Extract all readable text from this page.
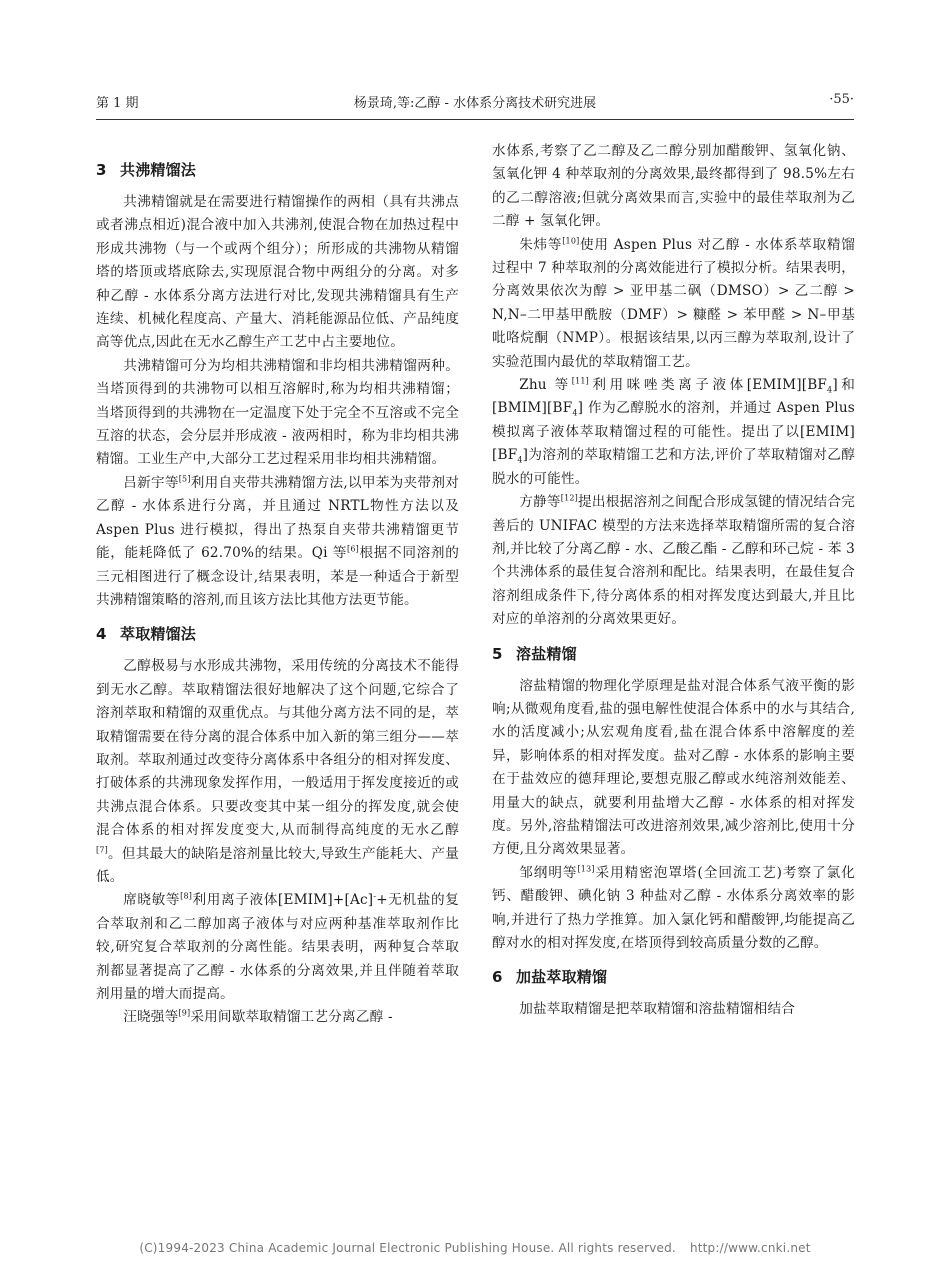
第 1 期	杨景琦,等:乙醇 - 水体系分离技术研究进展	·55·
3 共沸精馏法

共沸精馏就是在需要进行精馏操作的两相（具有共沸点或者沸点相近)混合液中加入共沸剂,使混合物在加热过程中形成共沸物（与一个或两个组分）；所形成的共沸物从精馏塔的塔顶或塔底除去,实现原混合物中两组分的分离。对多种乙醇 - 水体系分离方法进行对比,发现共沸精馏具有生产连续、机械化程度高、产量大、消耗能源品位低、产品纯度高等优点,因此在无水乙醇生产工艺中占主要地位。

共沸精馏可分为均相共沸精馏和非均相共沸精馏两种。当塔顶得到的共沸物可以相互溶解时,称为均相共沸精馏；当塔顶得到的共沸物在一定温度下处于完全不互溶或不完全互溶的状态，会分层并形成液 - 液两相时，称为非均相共沸精馏。工业生产中,大部分工艺过程采用非均相共沸精馏。

吕新宇等[5]利用自夹带共沸精馏方法,以甲苯为夹带剂对乙醇 - 水体系进行分离，并且通过 NRTL物性方法以及 Aspen Plus 进行模拟，得出了热泵自夹带共沸精馏更节能，能耗降低了 62.70%的结果。Qi 等[6]根据不同溶剂的三元相图进行了概念设计,结果表明，苯是一种适合于新型共沸精馏策略的溶剂,而且该方法比其他方法更节能。

4 萃取精馏法

乙醇极易与水形成共沸物，采用传统的分离技术不能得到无水乙醇。萃取精馏法很好地解决了这个问题,它综合了溶剂萃取和精馏的双重优点。与其他分离方法不同的是，萃取精馏需要在待分离的混合体系中加入新的第三组分——萃取剂。萃取剂通过改变待分离体系中各组分的相对挥发度、打破体系的共沸现象发挥作用，一般适用于挥发度接近的或共沸点混合体系。只要改变其中某一组分的挥发度,就会使混合体系的相对挥发度变大,从而制得高纯度的无水乙醇 [7]。但其最大的缺陷是溶剂量比较大,导致生产能耗大、产量低。

席晓敏等[8]利用离子液体[EMIM]+[Ac]-+无机盐的复合萃取剂和乙二醇加离子液体与对应两种基准萃取剂作比较,研究复合萃取剂的分离性能。结果表明，两种复合萃取剂都显著提高了乙醇 - 水体系的分离效果,并且伴随着萃取剂用量的增大而提高。

汪晓强等[9]采用间歇萃取精馏工艺分离乙醇 -

水体系,考察了乙二醇及乙二醇分别加醋酸钾、氢氧化钠、氢氧化钾 4 种萃取剂的分离效果,最终都得到了 98.5%左右的乙二醇溶液;但就分离效果而言,实验中的最佳萃取剂为乙二醇 + 氢氧化钾。

朱炜等[10]使用 Aspen Plus 对乙醇 - 水体系萃取精馏过程中 7 种萃取剂的分离效能进行了模拟分析。结果表明，分离效果依次为醇 > 亚甲基二砜（DMSO）> 乙二醇 > N,N–二甲基甲酰胺（DMF）> 糠醛 > 苯甲醛 > N–甲基吡咯烷酮（NMP）。根据该结果,以丙三醇为萃取剂,设计了实验范围内最优的萃取精馏工艺。

Zhu 等[11]利用咪唑类离子液体$[EMIM][BF_4]$和$[BMIM][BF_4]$ 作为乙醇脱水的溶剂，并通过 Aspen Plus 模拟离子液体萃取精馏过程的可能性。提出了以$[EMIM][BF_4]$为溶剂的萃取精馏工艺和方法,评价了萃取精馏对乙醇脱水的可能性。

方静等[12]提出根据溶剂之间配合形成氢键的情况结合完善后的 UNIFAC 模型的方法来选择萃取精馏所需的复合溶剂,并比较了分离乙醇 - 水、乙酸乙酯 - 乙醇和环己烷 - 苯 3 个共沸体系的最佳复合溶剂和配比。结果表明，在最佳复合溶剂组成条件下,待分离体系的相对挥发度达到最大,并且比对应的单溶剂的分离效果更好。

5 溶盐精馏

溶盐精馏的物理化学原理是盐对混合体系气液平衡的影响;从微观角度看,盐的强电解性使混合体系中的水与其结合,水的活度减小;从宏观角度看,盐在混合体系中溶解度的差异，影响体系的相对挥发度。盐对乙醇 - 水体系的影响主要在于盐效应的德拜理论,要想克服乙醇或水纯溶剂效能差、用量大的缺点，就要利用盐增大乙醇 - 水体系的相对挥发度。另外,溶盐精馏法可改进溶剂效果,减少溶剂比,使用十分方便,且分离效果显著。

邹纲明等[13]采用精密泡罩塔(全回流工艺)考察了氯化钙、醋酸钾、碘化钠 3 种盐对乙醇 - 水体系分离效率的影响,并进行了热力学推算。加入氯化钙和醋酸钾,均能提高乙醇对水的相对挥发度,在塔顶得到较高质量分数的乙醇。

6 加盐萃取精馏

加盐萃取精馏是把萃取精馏和溶盐精馏相结合

(C)1994-2023 China Academic Journal Electronic Publishing House. All rights reserved. http://www.cnki.net
